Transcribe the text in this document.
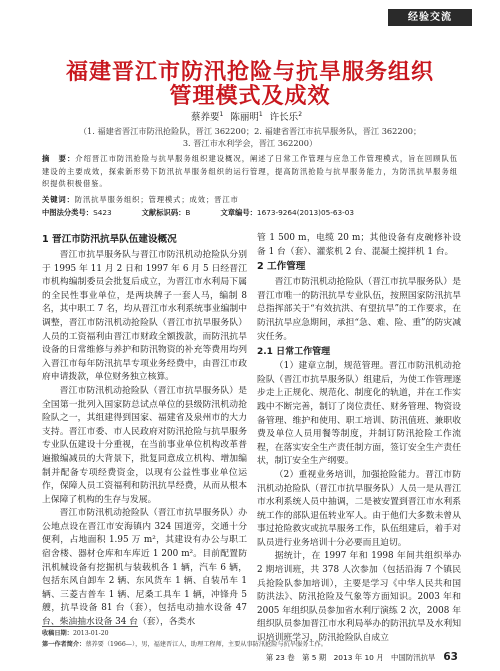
经验交流
福建晋江市防汛抢险与抗旱服务组织
管理模式及成效
蔡养要$^1$ 陈丽明$^1$ 许长乐$^2$
（1. 福建省晋江市防汛抢险队，晋江 362200；2. 福建省晋江市抗旱服务队，晋江 362200；
3. 晋江市水利学会，晋江 362200）
摘　要：介绍晋江市防汛抢险与抗旱服务组织建设概况，阐述了日常工作管理与应急工作管理模式，旨在回顾队伍建设的主要成效，探索新形势下防汛抗旱服务组织的运行管理，提高防汛抢险与抗旱服务能力，为防汛抗旱服务组织提供积极借鉴。
关键词：防汛抗旱服务组织；管理模式；成效；晋江市
中图法分类号：S423	文献标识码：B	文章编号：1673-9264(2013)05-63-03
1 晋江市防汛抗旱队伍建设概况

晋江市抗旱服务队与晋江市防汛机动抢险队分别于 1995 年 11 月 2 日和 1997 年 6 月 5 日经晋江市机构编制委员会批复后成立，为晋江市水利局下属的全民性事业单位，是两块牌子一套人马，编制 8 名，其中职工 7 名，均从晋江市水利系统事业编制中调整，晋江市防汛机动抢险队（晋江市抗旱服务队）人员的工资福利由晋江市财政全额拨款，而防汛抗旱设备的日常维修与养护和防汛物资的补充等费用均列入晋江市每年防汛抗旱专项业务经费中，由晋江市政府申请拨款，单位财务独立核算。

晋江市防汛机动抢险队（晋江市抗旱服务队）是全国第一批列入国家防总试点单位的县级防汛机动抢险队之一，其组建得到国家、福建省及泉州市的大力支持。晋江市委、市人民政府对防汛抢险与抗旱服务专业队伍建设十分重视，在当前事业单位机构改革普遍撤编减员的大背景下，批复同意成立机构、增加编制并配备专项经费资金，以现有公益性事业单位运作，保障人员工资福利和防汛抗旱经费，从而从根本上保障了机构的生存与发展。

晋江市防汛机动抢险队（晋江市抗旱服务队）办公地点设在晋江市安海镇内 324 国道旁，交通十分便利，占地面积 1.95 万 m²，其建设有办公与职工宿舍楼、器材仓库和车库近 1 200 m²。目前配置防汛机械设备有挖掘机与装载机各 1 辆，汽车 6 辆，包括东风自卸车 2 辆、东风货车 1 辆、自装吊车 1 辆、三菱吉普车 1 辆、尼桑工具车 1 辆，冲锋舟 5 艘，抗旱设备 81 台（套），包括电动抽水设备 47 台、柴油抽水设备 34 台（套），各类水

管 1 500 m，电缆 20 m；其他设备有皮碗修补设备 1 台（套）、灌浆机 2 台、混凝土搅拌机 1 台。

2 工作管理

晋江市防汛机动抢险队（晋江市抗旱服务队）是晋江市唯一的防汛抗旱专业队伍，按照国家防汛抗旱总指挥部关于“有效抗洪、有望抗旱”的工作要求，在防汛抗旱应急期间，承担“急、难、险、重”的防灾减灾任务。

2.1 日常工作管理

（1）建章立制，规范管理。晋江市防汛机动抢险队（晋江市抗旱服务队）组建后，为使工作管理逐步走上正规化、规范化、制度化的轨道，并在工作实践中不断完善，制订了岗位责任、财务管理、物资设备管理、维护和使用、职工培训、防汛值班、兼职收费及单位人员用餐等制度，并制订防汛抢险工作流程，在落实安全生产责任制方面，签订安全生产责任状，制订安全生产纲要。

（2）重视业务培训，加强抢险能力。晋江市防汛机动抢险队（晋江市抗旱服务队）人员一是从晋江市水利系统人员中抽调，二是被安置到晋江市水利系统工作的部队退伍转业军人。由于他们大多数未曾从事过抢险救灾或抗旱服务工作，队伍组建后，着手对队员进行业务培训十分必要而且迫切。

据统计，在 1997 年和 1998 年间共组织举办 2 期培训班，共 378 人次参加（包括沿海 7 个镇民兵抢险队参加培训），主要是学习《中华人民共和国防洪法》、防汛抢险及气象等方面知识。2003 年和 2005 年组织队员参加省水利厅演练 2 次，2008 年组织队员参加晋江市水利局举办的防汛抗旱及水利知识培训班学习，防汛抢险队自成立

收稿日期：2013-01-20
第一作者简介：蔡养要（1966—），男，福建晋江人，助理工程师，主要从事防汛抢险与抗旱服务工作。
第 23 卷　第 5 期　2013 年 10 月　中国防汛抗旱 63
